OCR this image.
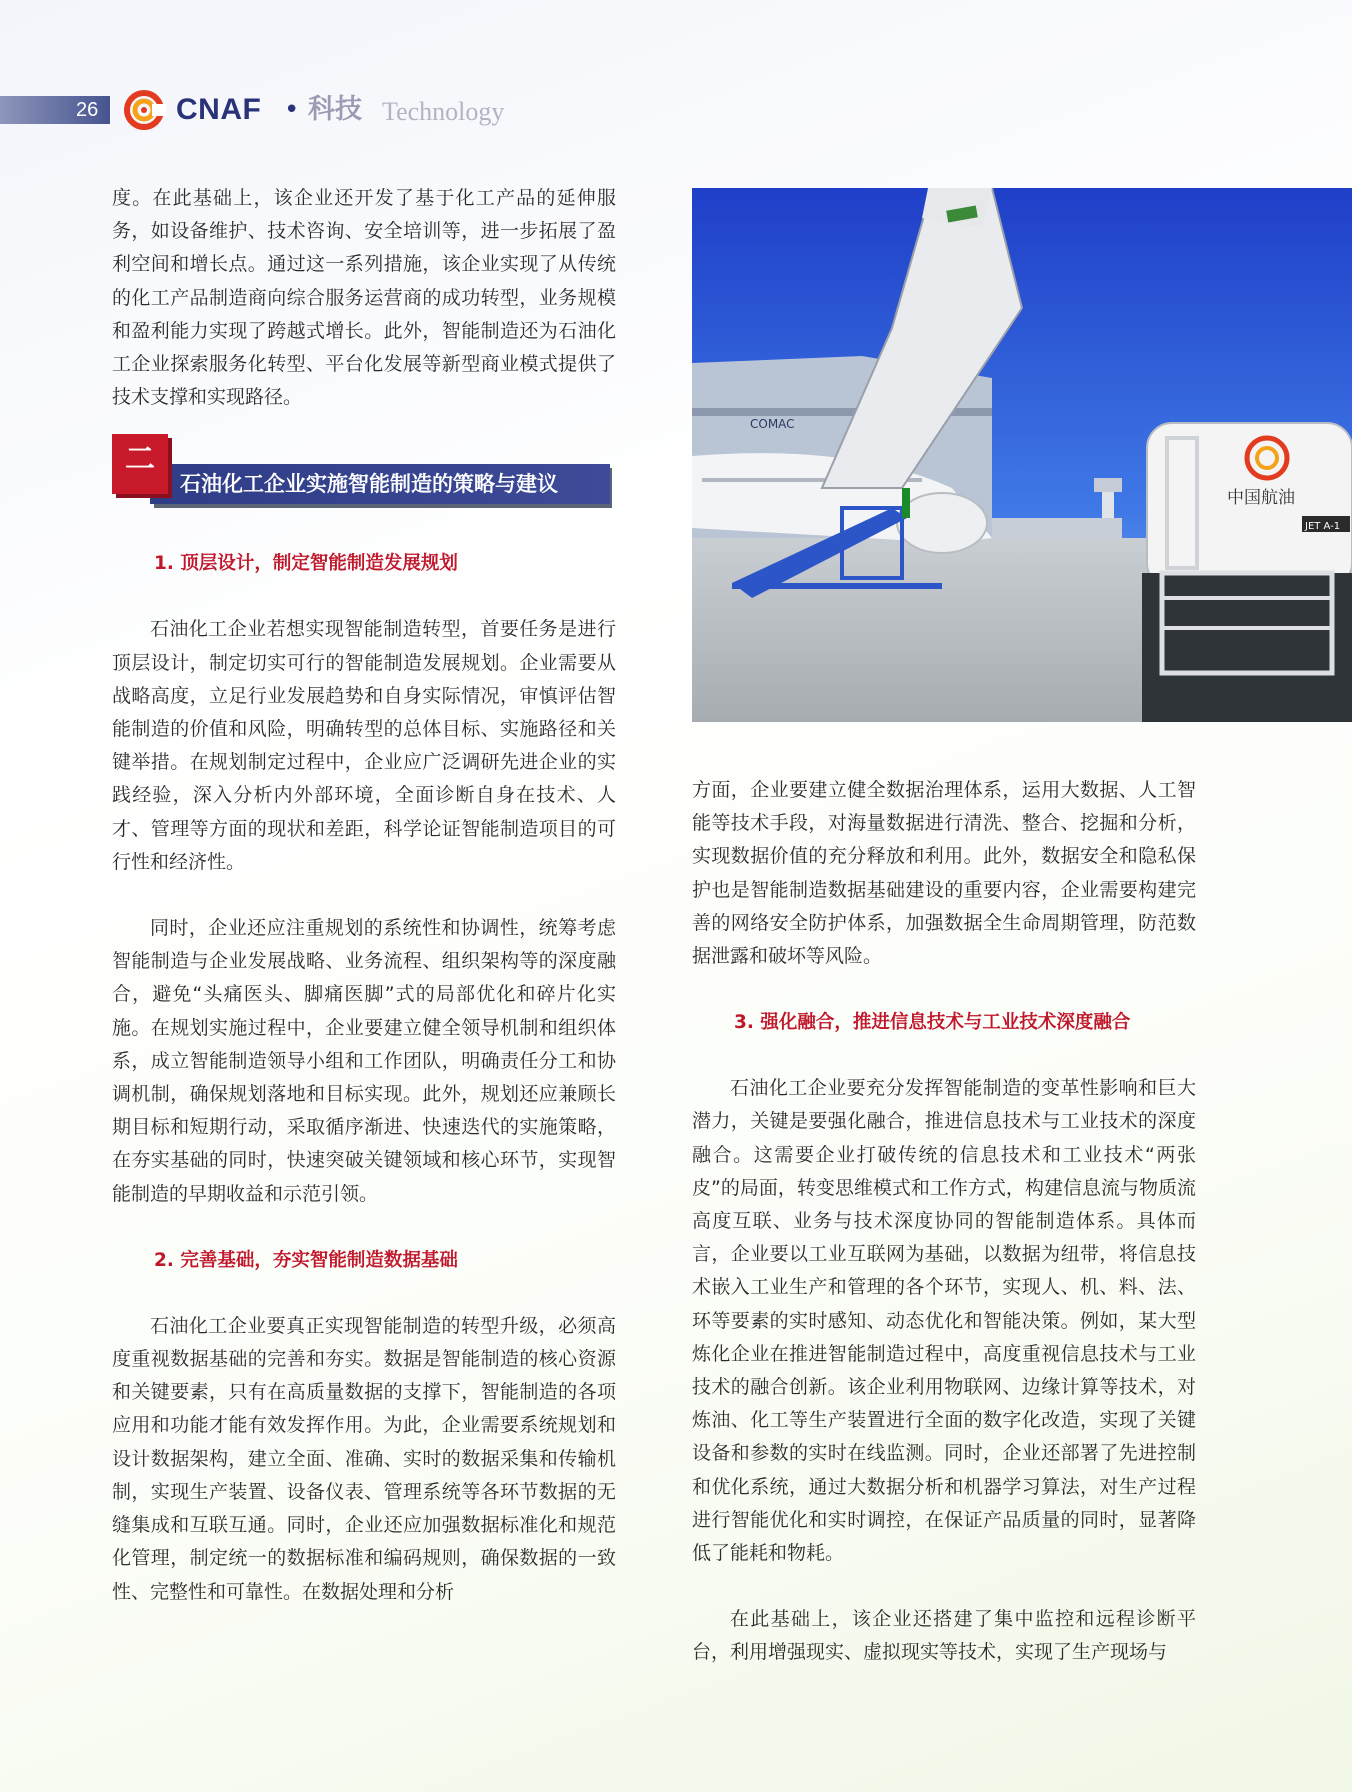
26	CNAF • 科技 Technology

度。在此基础上，该企业还开发了基于化工产品的延伸服务，如设备维护、技术咨询、安全培训等，进一步拓展了盈利空间和增长点。通过这一系列措施，该企业实现了从传统的化工产品制造商向综合服务运营商的成功转型，业务规模和盈利能力实现了跨越式增长。此外，智能制造还为石油化工企业探索服务化转型、平台化发展等新型商业模式提供了技术支撑和实现路径。

石油化工企业实施智能制造的策略与建议
二
1. 顶层设计，制定智能制造发展规划

石油化工企业若想实现智能制造转型，首要任务是进行顶层设计，制定切实可行的智能制造发展规划。企业需要从战略高度，立足行业发展趋势和自身实际情况，审慎评估智能制造的价值和风险，明确转型的总体目标、实施路径和关键举措。在规划制定过程中，企业应广泛调研先进企业的实践经验，深入分析内外部环境，全面诊断自身在技术、人才、管理等方面的现状和差距，科学论证智能制造项目的可行性和经济性。

同时，企业还应注重规划的系统性和协调性，统筹考虑智能制造与企业发展战略、业务流程、组织架构等的深度融合，避免“头痛医头、脚痛医脚”式的局部优化和碎片化实施。在规划实施过程中，企业要建立健全领导机制和组织体系，成立智能制造领导小组和工作团队，明确责任分工和协调机制，确保规划落地和目标实现。此外，规划还应兼顾长期目标和短期行动，采取循序渐进、快速迭代的实施策略，在夯实基础的同时，快速突破关键领域和核心环节，实现智能制造的早期收益和示范引领。

2. 完善基础，夯实智能制造数据基础

石油化工企业要真正实现智能制造的转型升级，必须高度重视数据基础的完善和夯实。数据是智能制造的核心资源和关键要素，只有在高质量数据的支撑下，智能制造的各项应用和功能才能有效发挥作用。为此，企业需要系统规划和设计数据架构，建立全面、准确、实时的数据采集和传输机制，实现生产装置、设备仪表、管理系统等各环节数据的无缝集成和互联互通。同时，企业还应加强数据标准化和规范化管理，制定统一的数据标准和编码规则，确保数据的一致性、完整性和可靠性。在数据处理和分析

中国航油
JET A-1
COMAC

方面，企业要建立健全数据治理体系，运用大数据、人工智能等技术手段，对海量数据进行清洗、整合、挖掘和分析，实现数据价值的充分释放和利用。此外，数据安全和隐私保护也是智能制造数据基础建设的重要内容，企业需要构建完善的网络安全防护体系，加强数据全生命周期管理，防范数据泄露和破坏等风险。

3. 强化融合，推进信息技术与工业技术深度融合

石油化工企业要充分发挥智能制造的变革性影响和巨大潜力，关键是要强化融合，推进信息技术与工业技术的深度融合。这需要企业打破传统的信息技术和工业技术“两张皮”的局面，转变思维模式和工作方式，构建信息流与物质流高度互联、业务与技术深度协同的智能制造体系。具体而言，企业要以工业互联网为基础，以数据为纽带，将信息技术嵌入工业生产和管理的各个环节，实现人、机、料、法、环等要素的实时感知、动态优化和智能决策。例如，某大型炼化企业在推进智能制造过程中，高度重视信息技术与工业技术的融合创新。该企业利用物联网、边缘计算等技术，对炼油、化工等生产装置进行全面的数字化改造，实现了关键设备和参数的实时在线监测。同时，企业还部署了先进控制和优化系统，通过大数据分析和机器学习算法，对生产过程进行智能优化和实时调控，在保证产品质量的同时，显著降低了能耗和物耗。

在此基础上，该企业还搭建了集中监控和远程诊断平台，利用增强现实、虚拟现实等技术，实现了生产现场与
